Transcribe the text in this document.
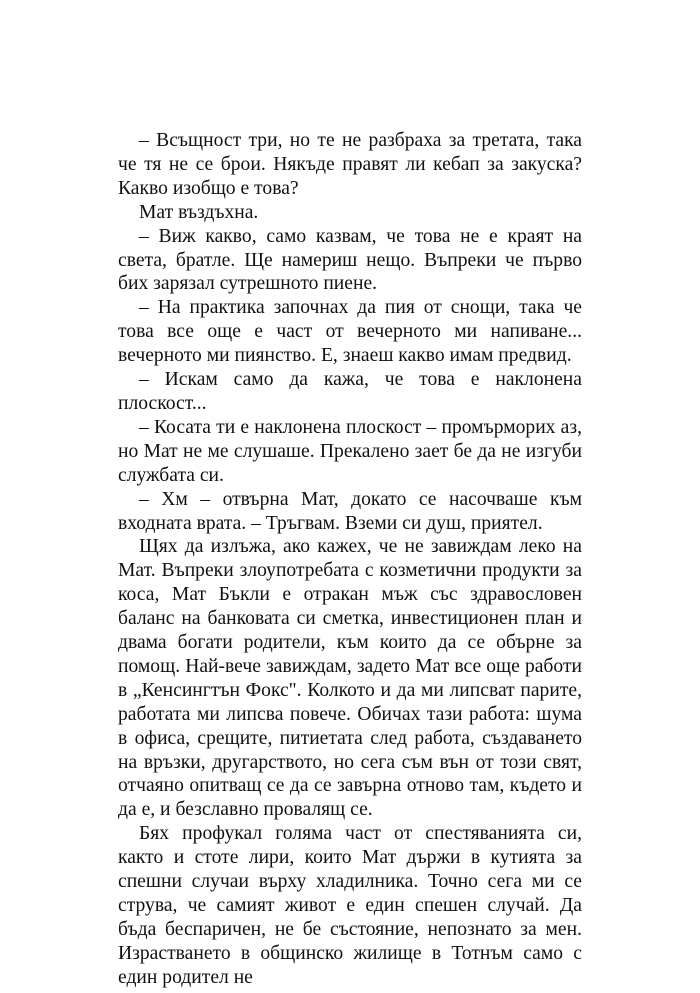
– Всъщност три, но те не разбраха за третата, така че тя не се брои. Някъде правят ли кебап за закуска? Какво изобщо е това?

Мат въздъхна.

– Виж какво, само казвам, че това не е краят на света, братле. Ще намериш нещо. Въпреки че първо бих зарязал сутрешното пиене.

– На практика започнах да пия от снощи, така че това все още е част от вечерното ми напиване... вечерното ми пиянство. Е, знаеш какво имам предвид.

– Искам само да кажа, че това е наклонена плоскост...

– Косата ти е наклонена плоскост – промърморих аз, но Мат не ме слушаше. Прекалено зает бе да не изгуби службата си.

– Хм – отвърна Мат, докато се насочваше към входната врата. – Тръгвам. Вземи си душ, приятел.

Щях да излъжа, ако кажех, че не завиждам леко на Мат. Въпреки злоупотребата с козметични продукти за коса, Мат Бъкли е отракан мъж със здравословен баланс на банковата си сметка, инвестиционен план и двама богати родители, към които да се обърне за помощ. Най-вече завиждам, задето Мат все още работи в „Кенсингтън Фокс". Колкото и да ми липсват парите, работата ми липсва повече. Обичах тази работа: шума в офиса, срещите, питиетата след работа, създаването на връзки, другарството, но сега съм вън от този свят, отчаяно опитващ се да се завърна отново там, където и да е, и безславно провалящ се.

Бях профукал голяма част от спестяванията си, както и стоте лири, които Мат държи в кутията за спешни случаи върху хладилника. Точно сега ми се струва, че самият живот е един спешен случай. Да бъда беспаричен, не бе състояние, непознато за мен. Израстването в общинско жилище в Тотнъм само с един родител не
